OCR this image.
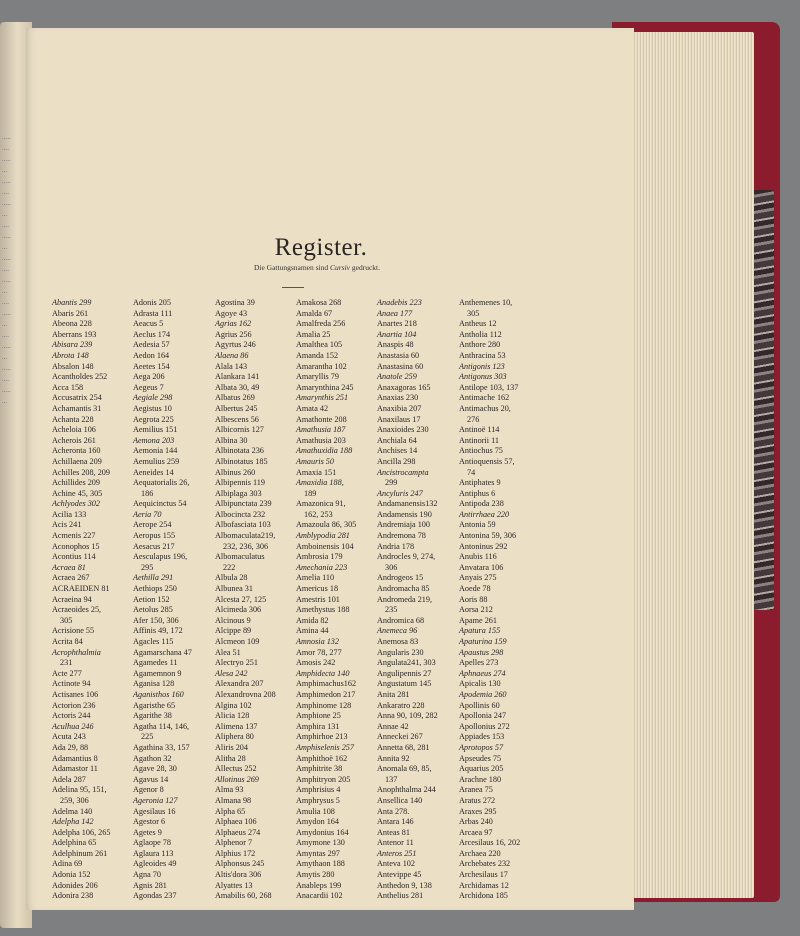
.....
....
.....
...
.....
....
.....
...
....
.....
...
.....
....
.....
...
....
.....
...
....
.....
...
.....
....
.....
...
Register.
Die Gattungsnamen sind Cursiv gedruckt.
Abantis 299
Abaris 261
Abeona 228
Aberrans 193
Abisara 239
Abrota 148
Absalon 148
Acantholdes 252
Acca 158
Accusatrix 254
Achamantis 31
Achanta 228
Acheloia 106
Acherois 261
Acheronta 160
Achillaena 209
Achilles 208, 209
Achillides 209
Achine 45, 305
Achlyodes 302
Acilia 133
Acis 241
Acmenis 227
Aconophos 15
Acontius 114
Acraea 81
Acraea 267
ACRAEIDEN 81
Acraeina 94
Acraeoides 25,
305
Acrisione 55
Acrita 84
Acrophthalmia
231
Acte 277
Actinote 94
Actisanes 106
Actorion 236
Actoris 244
Aculhua 246
Acuta 243
Ada 29, 88
Adamantius 8
Adamastor 11
Adela 287
Adelina 95, 151,
259, 306
Adelma 140
Adelpha 142
Adelpha 106, 265
Adelphina 65
Adelphinum 261
Adina 69
Adonia 152
Adonides 206
Adonira 238
Adonis 205
Adrasta 111
Aeacus 5
Aeclus 174
Aedesia 57
Aedon 164
Aeetes 154
Aega 206
Aegeus 7
Aegiale 298
Aegistus 10
Aegrota 225
Aemilius 151
Aemona 203
Aemonia 144
Aemulius 259
Aeneides 14
Aequatorialis 26,
186
Aequicinctus 54
Aeria 70
Aerope 254
Aeropus 155
Aesacus 217
Aesculapus 196,
295
Aethilla 291
Aethiops 250
Aetion 152
Aetolus 285
Afer 150, 306
Affinis 49, 172
Agacles 115
Agamarschana 47
Agamedes 11
Agamemnon 9
Aganisa 128
Aganisthos 160
Agaristhe 65
Agarithe 38
Agatha 114, 146,
225
Agathina 33, 157
Agathon 32
Agave 28, 30
Agavus 14
Agenor 8
Ageronia 127
Agesilaus 16
Agestor 6
Agetes 9
Aglaope 78
Aglaura 113
Agleoides 49
Agna 70
Agnis 281
Agondas 237
Agostina 39
Agoye 43
Agrias 162
Agrius 256
Agyrtus 246
Alaena 86
Alala 143
Alankara 141
Albata 30, 49
Albatus 269
Albertus 245
Albescens 56
Albicornis 127
Albina 30
Albinotata 236
Albinotatus 185
Albinus 260
Albipennis 119
Albiplaga 303
Albipunctata 239
Albocincta 232
Albofasciata 103
Albomaculata219,
232, 236, 306
Albomaculatus
222
Albula 28
Albunea 31
Alcesta 27, 125
Alcimeda 306
Alcinous 9
Alcippe 89
Alcmeon 109
Alea 51
Alectryo 251
Alesa 242
Alexandra 207
Alexandrovna 208
Algina 102
Alicia 128
Alimena 137
Aliphera 80
Aliris 204
Alitha 28
Allectus 252
Allotinus 269
Alma 93
Almana 98
Alpha 65
Alphaea 106
Alphaeus 274
Alphenor 7
Alphius 172
Alphonsus 245
Altis'dora 306
Alyattes 13
Amabilis 60, 268
Amakosa 268
Amalda 67
Amalfreda 256
Amalia 25
Amalthea 105
Amanda 152
Amarantha 102
Amaryllis 79
Amarynthina 245
Amarynthis 251
Amata 42
Amathonte 208
Amathusia 187
Amathusia 203
Amathuxidia 188
Amauris 50
Amaxia 151
Amaxidia 188,
189
Amazonica 91,
162, 253
Amazoula 86, 305
Amblypodia 281
Amboinensis 104
Ambrosia 179
Amechania 223
Amelia 110
Americus 18
Amestris 101
Amethystus 188
Amida 82
Amina 44
Amnosia 132
Amor 78, 277
Amosis 242
Amphidecta 140
Amphimachus162
Amphimedon 217
Amphinome 128
Amphione 25
Amphira 131
Amphirhoe 213
Amphiselenis 257
Amphithoë 162
Amphitrite 38
Amphitryon 205
Amphrisius 4
Amphrysus 5
Amulia 108
Amydon 164
Amydonius 164
Amymone 130
Amyntas 297
Amythaon 188
Amytis 280
Anableps 199
Anacardii 102
Anadebis 223
Anaea 177
Anartes 218
Anartia 104
Anaspis 48
Anastasia 60
Anastasina 60
Anatole 259
Anaxagoras 165
Anaxias 230
Anaxibia 207
Anaxilaus 17
Anaxioides 230
Anchiala 64
Anchises 14
Ancilla 298
Ancistrocampta
299
Ancyluris 247
Andamanensis132
Andamensis 190
Andremiaja 100
Andremona 78
Andria 178
Androcles 9, 274,
306
Androgeos 15
Andromacha 85
Andromeda 219,
235
Andromica 68
Anemeca 96
Anemosa 83
Angularis 230
Angulata241, 303
Angulipennis 27
Angustatum 145
Anita 281
Ankaratro 228
Anna 90, 109, 282
Annae 42
Anneckei 267
Annetta 68, 281
Annita 92
Anomala 69, 85,
137
Anophthalma 244
Ansellica 140
Anta 278.
Antara 146
Anteas 81
Antenor 11
Anteros 251
Anteva 102
Antevippe 45
Anthedon 9, 138
Anthelius 281
Anthemenes 10,
305
Antheus 12
Antholia 112
Anthore 280
Anthracina 53
Antigonis 123
Antigonus 303
Antilope 103, 137
Antimache 162
Antimachus 20,
276
Antinoë 114
Antinorii 11
Antiochus 75
Antioquensis 57,
74
Antiphates 9
Antiphus 6
Antipoda 238
Antirrhaea 220
Antonia 59
Antonina 59, 306
Antoninus 292
Anubis 116
Anvatara 106
Anyais 275
Aoede 78
Aoris 88
Aorsa 212
Apame 261
Apatura 155
Apaturina 159
Apaustus 298
Apelles 273
Aphnaeus 274
Apicalis 130
Apodemia 260
Apollinis 60
Apollonia 247
Apollonius 272
Appiades 153
Aprotopos 57
Apseudes 75
Aquarius 205
Arachne 180
Aranea 75
Aratus 272
Araxes 295
Arbas 240
Arcaea 97
Arcesilaus 16, 202
Archaea 220
Archebates 232
Archesilaus 17
Archidamas 12
Archidona 185
